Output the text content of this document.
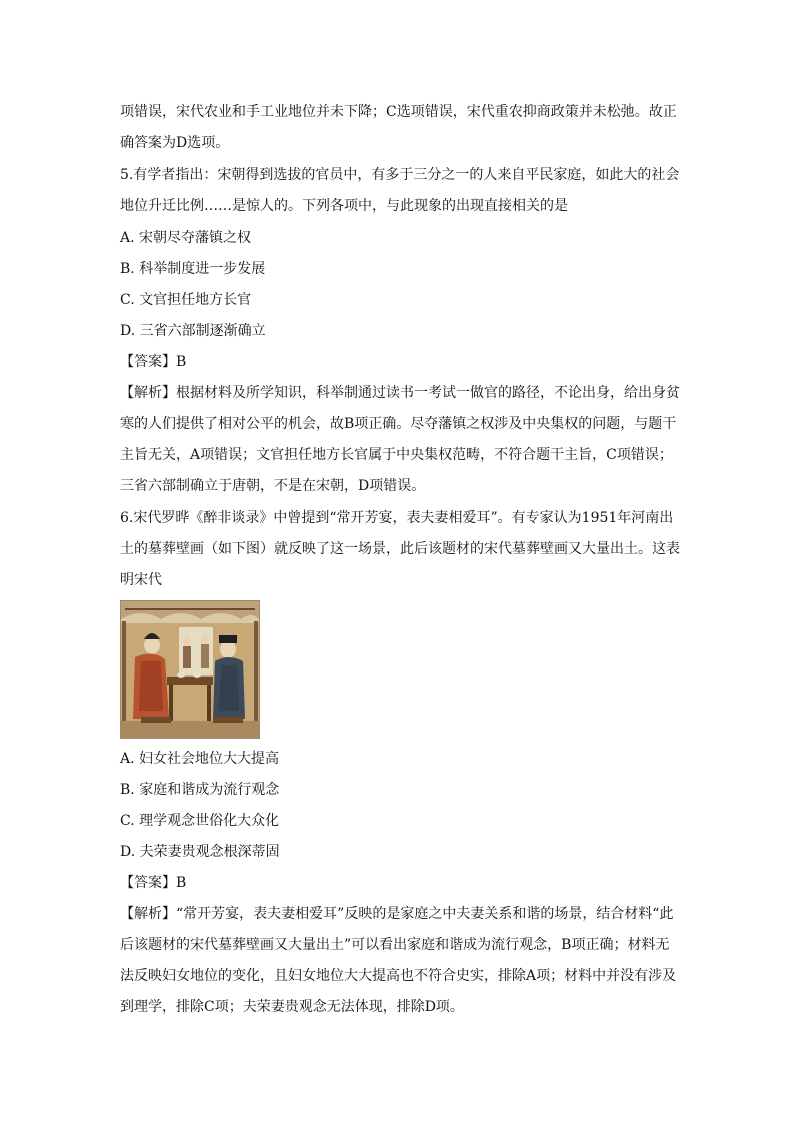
项错误，宋代农业和手工业地位并未下降；C选项错误，宋代重农抑商政策并未松弛。故正

确答案为D选项。

5.有学者指出：宋朝得到选拔的官员中，有多于三分之一的人来自平民家庭，如此大的社会

地位升迁比例……是惊人的。下列各项中，与此现象的出现直接相关的是

A. 宋朝尽夺藩镇之权

B. 科举制度进一步发展

C. 文官担任地方长官

D. 三省六部制逐渐确立

【答案】B

【解析】根据材料及所学知识，科举制通过读书一考试一做官的路径，不论出身，给出身贫

寒的人们提供了相对公平的机会，故B项正确。尽夺藩镇之权涉及中央集权的问题，与题干

主旨无关，A项错误；文官担任地方长官属于中央集权范畴，不符合题干主旨，C项错误；

三省六部制确立于唐朝，不是在宋朝，D项错误。

6.宋代罗晔《醉非谈录》中曾提到“常开芳宴，表夫妻相爱耳”。有专家认为1951年河南出

土的墓葬壁画（如下图）就反映了这一场景，此后该题材的宋代墓葬壁画又大量出土。这表

明宋代

A. 妇女社会地位大大提高

B. 家庭和谐成为流行观念

C. 理学观念世俗化大众化

D. 夫荣妻贵观念根深蒂固

【答案】B

【解析】“常开芳宴，表夫妻相爱耳”反映的是家庭之中夫妻关系和谐的场景，结合材料“此

后该题材的宋代墓葬壁画又大量出土”可以看出家庭和谐成为流行观念，B项正确；材料无

法反映妇女地位的变化，且妇女地位大大提高也不符合史实，排除A项；材料中并没有涉及

到理学，排除C项；夫荣妻贵观念无法体现，排除D项。
